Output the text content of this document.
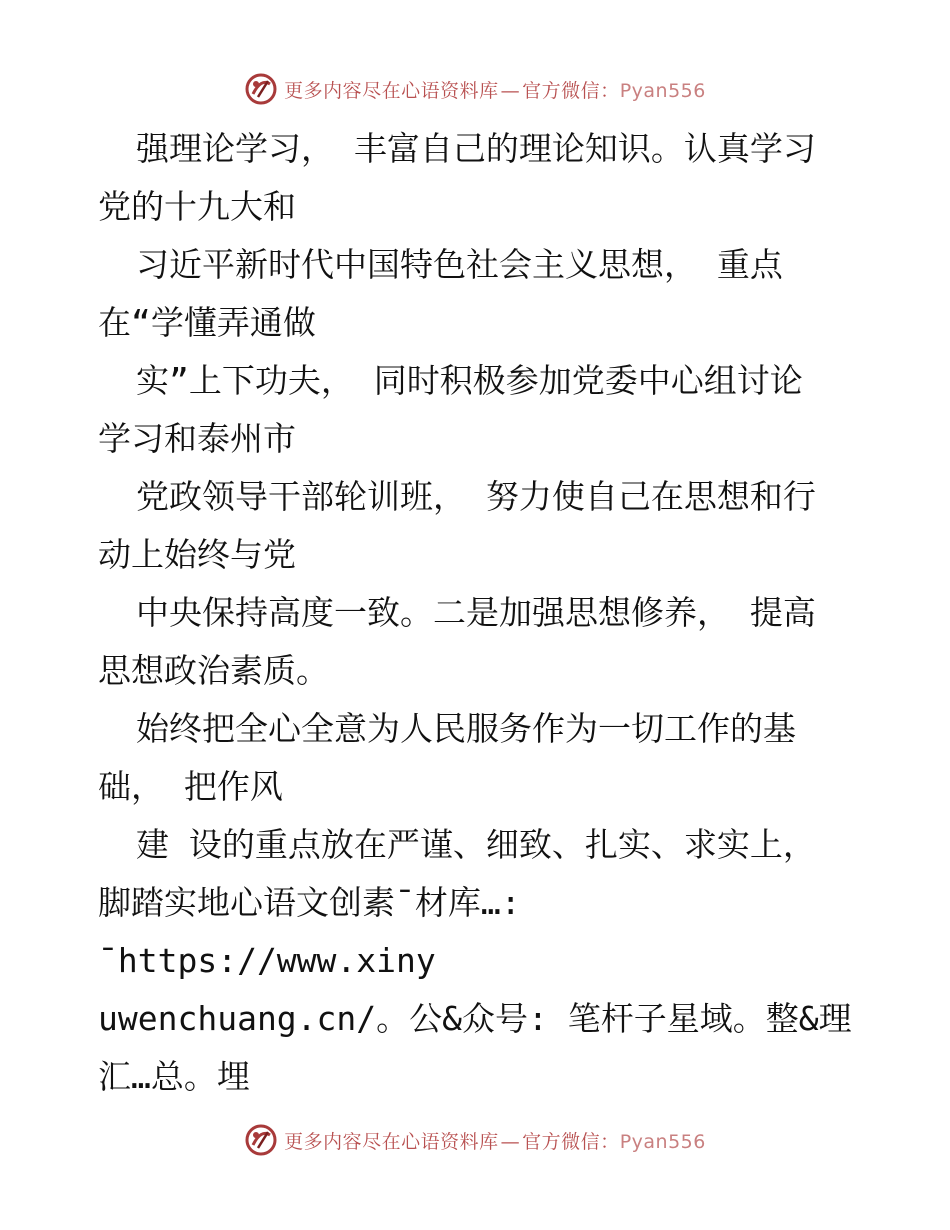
更多内容尽在心语资料库 — 官方微信：Pyan556

强理论学习， 丰富自己的理论知识。认真学习

党的十九大和

习近平新时代中国特色社会主义思想， 重点

在“学懂弄通做

实”上下功夫， 同时积极参加党委中心组讨论

学习和泰州市

党政领导干部轮训班， 努力使自己在思想和行

动上始终与党

中央保持高度一致。二是加强思想修养， 提高

思想政治素质。

始终把全心全意为人民服务作为一切工作的基

础， 把作风

建 设的重点放在严谨、细致、扎实、求实上，

脚踏实地心语文创素¯材库…: ¯https://www.xiny

uwenchuang.cn/。公&众号: 笔杆子星域。整&理

汇…总。埋

更多内容尽在心语资料库 — 官方微信：Pyan556
